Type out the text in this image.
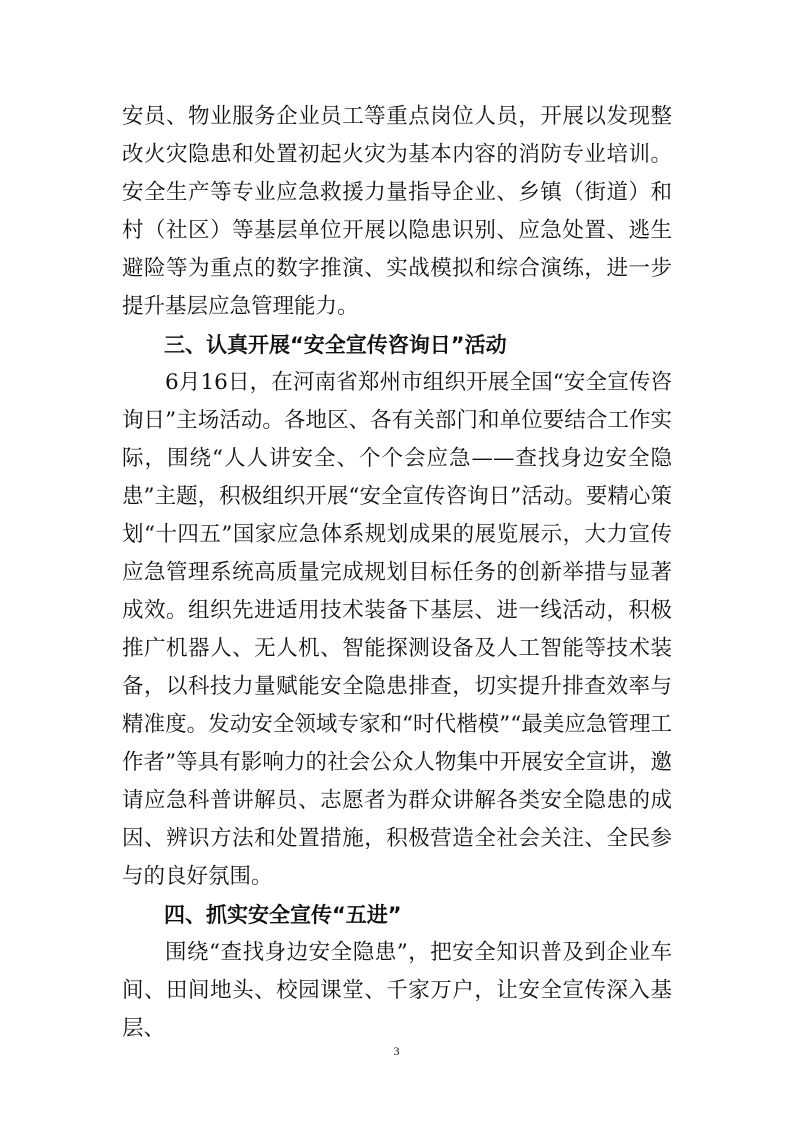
安员、物业服务企业员工等重点岗位人员，开展以发现整改火灾隐患和处置初起火灾为基本内容的消防专业培训。安全生产等专业应急救援力量指导企业、乡镇（街道）和村（社区）等基层单位开展以隐患识别、应急处置、逃生避险等为重点的数字推演、实战模拟和综合演练，进一步提升基层应急管理能力。

三、认真开展“安全宣传咨询日”活动

6月16日，在河南省郑州市组织开展全国“安全宣传咨询日”主场活动。各地区、各有关部门和单位要结合工作实际，围绕“人人讲安全、个个会应急——查找身边安全隐患”主题，积极组织开展“安全宣传咨询日”活动。要精心策划“十四五”国家应急体系规划成果的展览展示，大力宣传应急管理系统高质量完成规划目标任务的创新举措与显著成效。组织先进适用技术装备下基层、进一线活动，积极推广机器人、无人机、智能探测设备及人工智能等技术装备，以科技力量赋能安全隐患排查，切实提升排查效率与精准度。发动安全领域专家和“时代楷模”“最美应急管理工作者”等具有影响力的社会公众人物集中开展安全宣讲，邀请应急科普讲解员、志愿者为群众讲解各类安全隐患的成因、辨识方法和处置措施，积极营造全社会关注、全民参与的良好氛围。

四、抓实安全宣传“五进”

围绕“查找身边安全隐患”，把安全知识普及到企业车间、田间地头、校园课堂、千家万户，让安全宣传深入基层、

3
